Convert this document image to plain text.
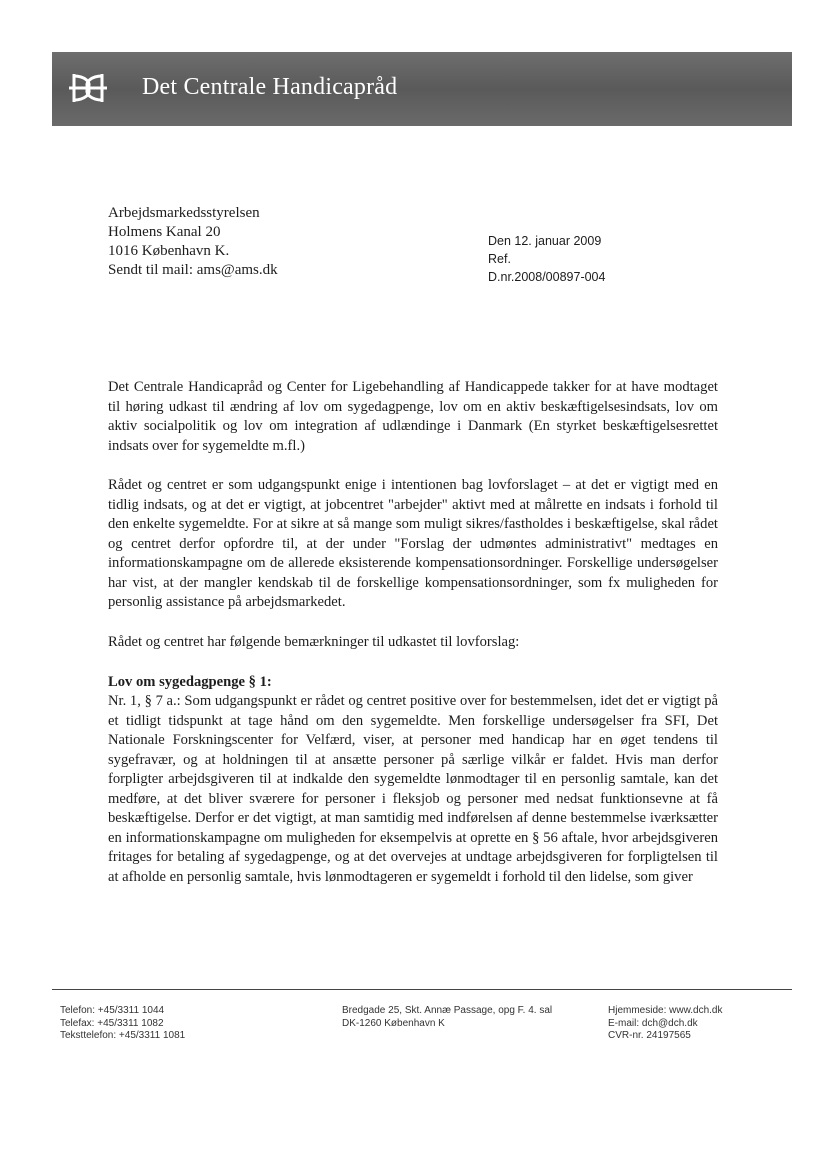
Det Centrale Handicapråd
Arbejdsmarkedsstyrelsen
Holmens Kanal 20
1016 København K.
Sendt til mail: ams@ams.dk
Den 12. januar 2009
Ref.
D.nr.2008/00897-004

Det Centrale Handicapråd og Center for Ligebehandling af Handicappede takker for at have modtaget til høring udkast til ændring af lov om sygedagpenge, lov om en aktiv beskæftigelsesindsats, lov om aktiv socialpolitik og lov om integration af udlændinge i Danmark (En styrket beskæftigelsesrettet indsats over for sygemeldte m.fl.)

Rådet og centret er som udgangspunkt enige i intentionen bag lovforslaget – at det er vigtigt med en tidlig indsats, og at det er vigtigt, at jobcentret "arbejder" aktivt med at målrette en indsats i forhold til den enkelte sygemeldte. For at sikre at så mange som muligt sikres/fastholdes i beskæftigelse, skal rådet og centret derfor opfordre til, at der under "Forslag der udmøntes administrativt" medtages en informationskampagne om de allerede eksisterende kompensationsordninger. Forskellige undersøgelser har vist, at der mangler kendskab til de forskellige kompensationsordninger, som fx muligheden for personlig assistance på arbejdsmarkedet.

Rådet og centret har følgende bemærkninger til udkastet til lovforslag:

Lov om sygedagpenge § 1:

Nr. 1, § 7 a.: Som udgangspunkt er rådet og centret positive over for bestemmelsen, idet det er vigtigt på et tidligt tidspunkt at tage hånd om den sygemeldte. Men forskellige undersøgelser fra SFI, Det Nationale Forskningscenter for Velfærd, viser, at personer med handicap har en øget tendens til sygefravær, og at holdningen til at ansætte personer på særlige vilkår er faldet. Hvis man derfor forpligter arbejdsgiveren til at indkalde den sygemeldte lønmodtager til en personlig samtale, kan det medføre, at det bliver sværere for personer i fleksjob og personer med nedsat funktionsevne at få beskæftigelse. Derfor er det vigtigt, at man samtidig med indførelsen af denne bestemmelse iværksætter en informationskampagne om muligheden for eksempelvis at oprette en § 56 aftale, hvor arbejdsgiveren fritages for betaling af sygedagpenge, og at det overvejes at undtage arbejdsgiveren for forpligtelsen til at afholde en personlig samtale, hvis lønmodtageren er sygemeldt i forhold til den lidelse, som giver

Telefon: +45/3311 1044
Telefax: +45/3311 1082
Teksttelefon: +45/3311 1081
Bredgade 25, Skt. Annæ Passage, opg F. 4. sal
DK-1260 København K
Hjemmeside: www.dch.dk
E-mail: dch@dch.dk
CVR-nr. 24197565
